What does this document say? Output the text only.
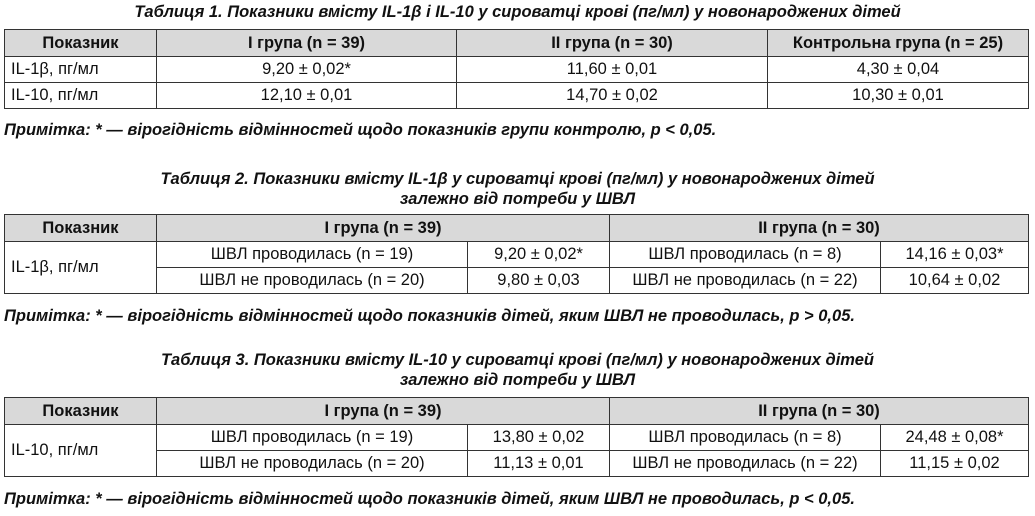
Таблиця 1. Показники вмісту IL-1β і IL-10 у сироватці крові (пг/мл) у новонароджених дітей
Показник	I група (n = 39)	II група (n = 30)	Контрольна група (n = 25)
IL-1β, пг/мл	9,20 ± 0,02*	11,60 ± 0,01	4,30 ± 0,04
IL-10, пг/мл	12,10 ± 0,01	14,70 ± 0,02	10,30 ± 0,01
Примітка: * — вірогідність відмінностей щодо показників групи контролю, p < 0,05.
Таблиця 2. Показники вмісту IL-1β у сироватці крові (пг/мл) у новонароджених дітей
залежно від потреби у ШВЛ
Показник	I група (n = 39)		II група (n = 30)	
IL-1β, пг/мл	ШВЛ проводилась (n = 19)	9,20 ± 0,02*	ШВЛ проводилась (n = 8)	14,16 ± 0,03*
	ШВЛ не проводилась (n = 20)	9,80 ± 0,03	ШВЛ не проводилась (n = 22)	10,64 ± 0,02
Примітка: * — вірогідність відмінностей щодо показників дітей, яким ШВЛ не проводилась, p > 0,05.
Таблиця 3. Показники вмісту IL-10 у сироватці крові (пг/мл) у новонароджених дітей
залежно від потреби у ШВЛ
Показник	I група (n = 39)		II група (n = 30)	
IL-10, пг/мл	ШВЛ проводилась (n = 19)	13,80 ± 0,02	ШВЛ проводилась (n = 8)	24,48 ± 0,08*
	ШВЛ не проводилась (n = 20)	11,13 ± 0,01	ШВЛ не проводилась (n = 22)	11,15 ± 0,02
Примітка: * — вірогідність відмінностей щодо показників дітей, яким ШВЛ не проводилась, p < 0,05.
